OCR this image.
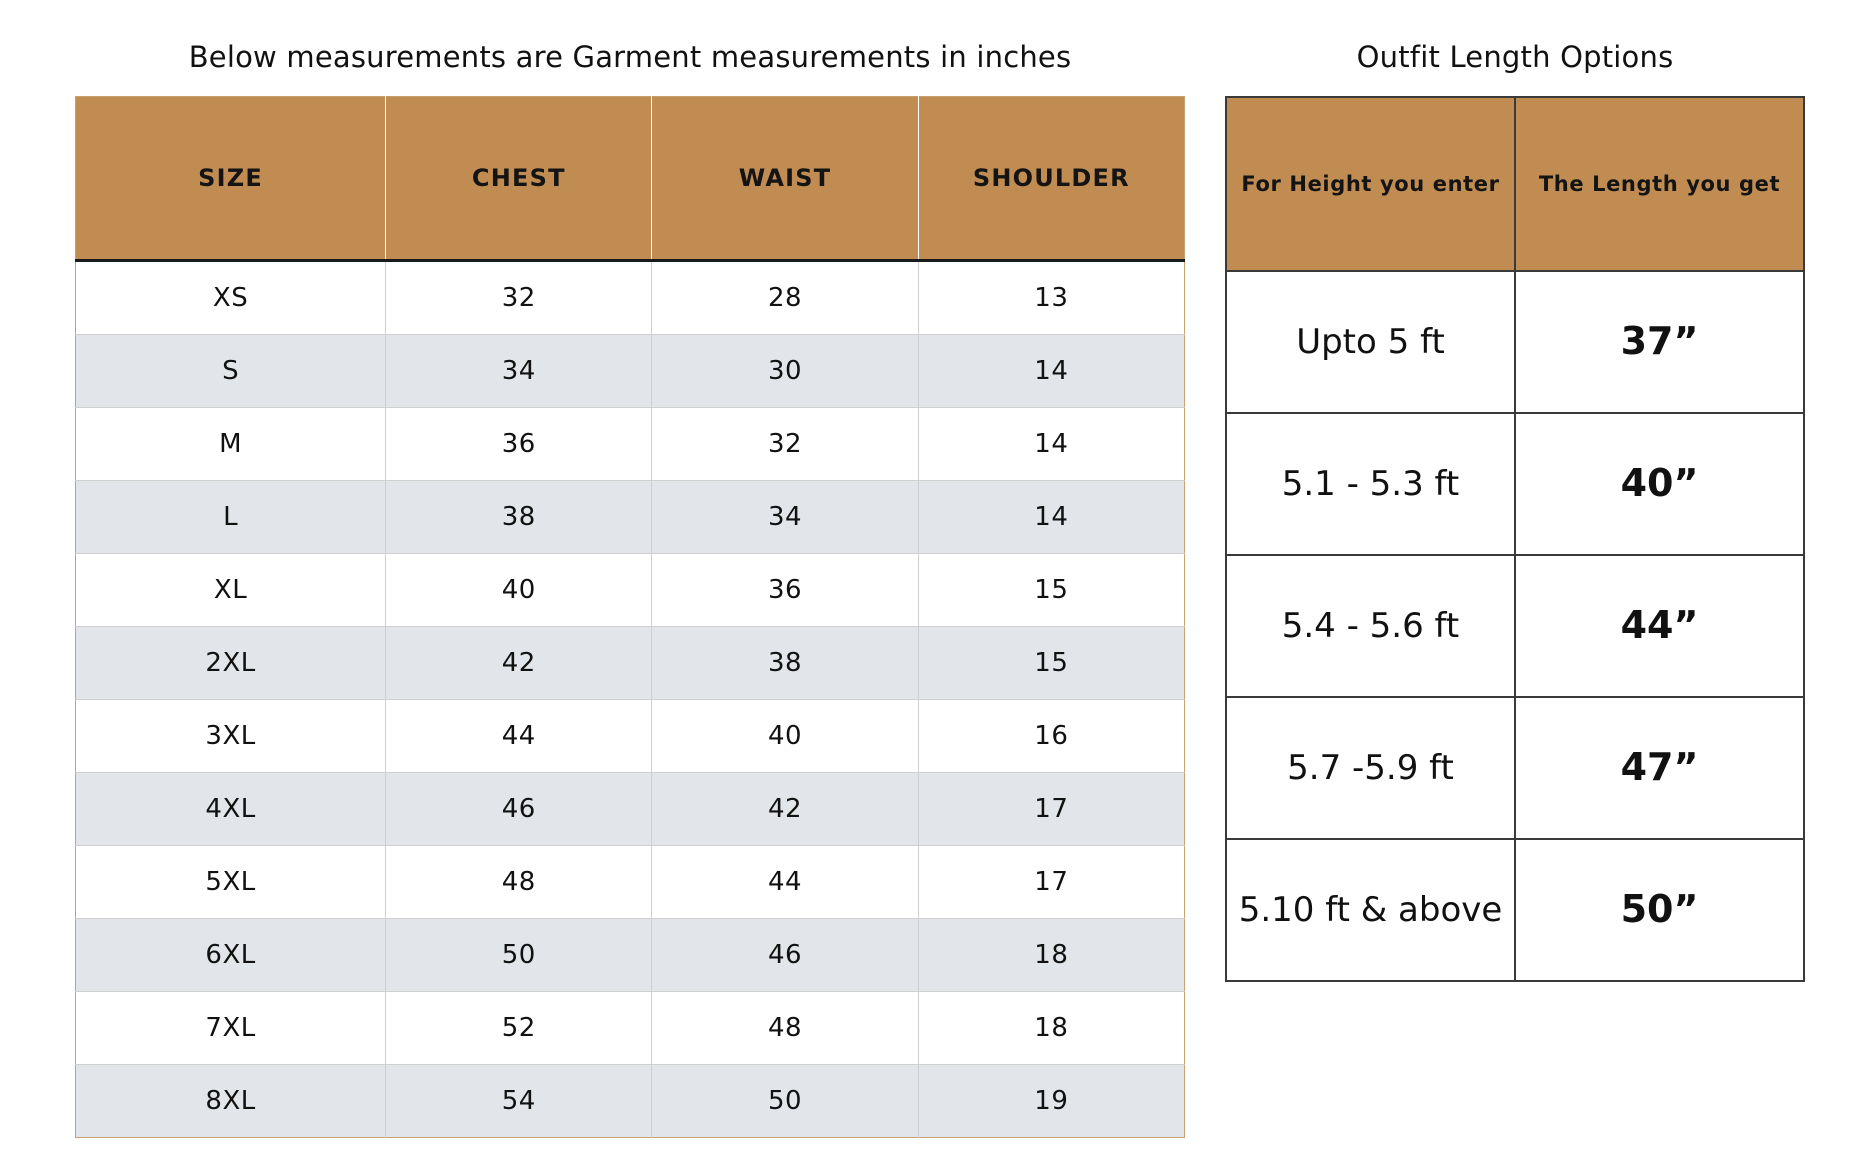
Below measurements are Garment measurements in inches
SIZE	CHEST	WAIST	SHOULDER
XS	32	28	13
S	34	30	14
M	36	32	14
L	38	34	14
XL	40	36	15
2XL	42	38	15
3XL	44	40	16
4XL	46	42	17
5XL	48	44	17
6XL	50	46	18
7XL	52	48	18
8XL	54	50	19
Outfit Length Options
For Height you enter	The Length you get
Upto 5 ft	37”
5.1 - 5.3 ft	40”
5.4 - 5.6 ft	44”
5.7 -5.9 ft	47”
5.10 ft & above	50”
